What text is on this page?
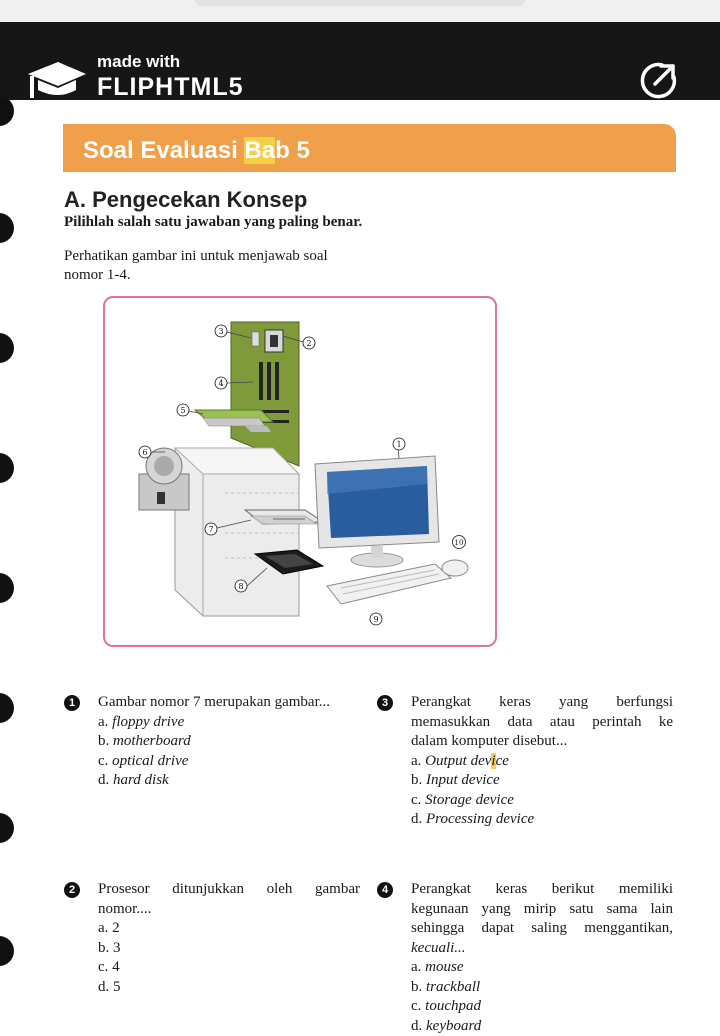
made with
FLIPHTML5
Soal Evaluasi Bab 5
A. Pengecekan Konsep
Pilihlah salah satu jawaban yang paling benar.
Perhatikan gambar ini untuk menjawab soal nomor 1-4.
1
2
3
4
5
6
7
8
9
10
1	Gambar nomor 7 merupakan gambar...
a. floppy drive
b. motherboard
c. optical drive
d. hard disk
3	Perangkat keras yang berfungsi
memasukkan data atau perintah ke
dalam komputer disebut...
a. Output device
b. Input device
c. Storage device
d. Processing device
2	Prosesor ditunjukkan oleh gambar
nomor....
a. 2
b. 3
c. 4
d. 5
4	Perangkat keras berikut memiliki
kegunaan yang mirip satu sama lain
sehingga dapat saling menggantikan,
kecuali...
a. mouse
b. trackball
c. touchpad
d. keyboard
